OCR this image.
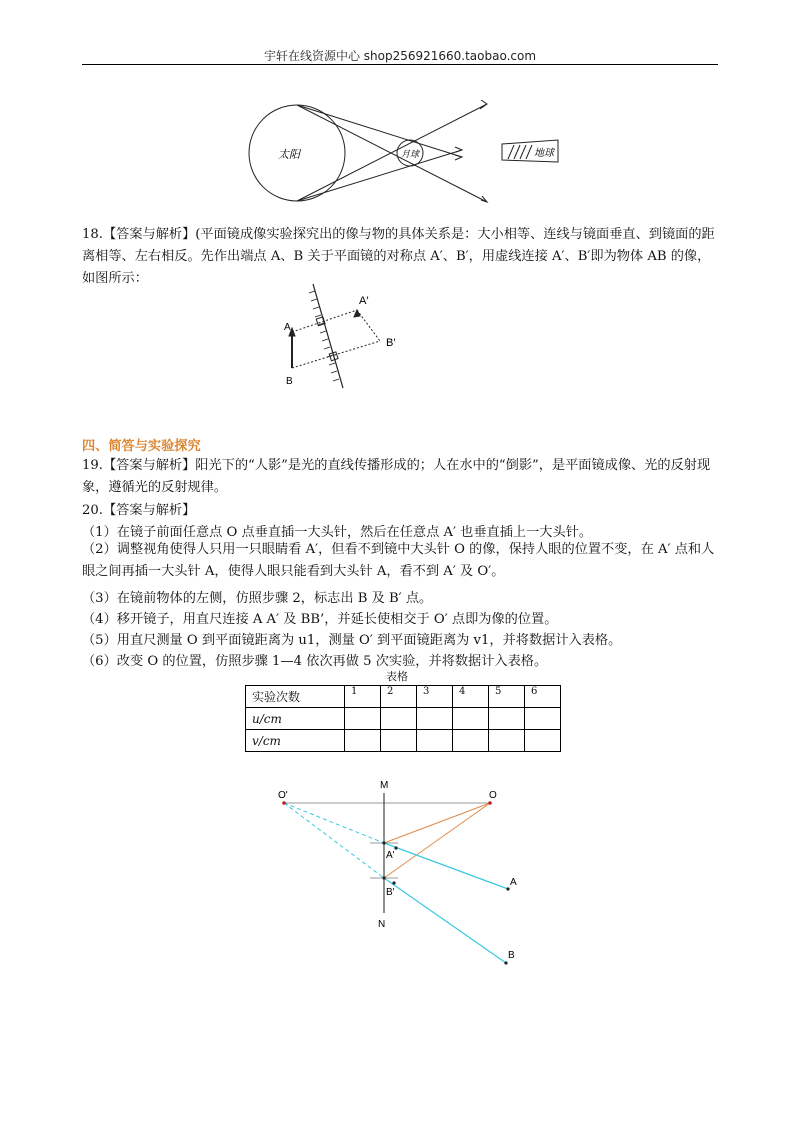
宇轩在线资源中心 shop256921660.taobao.com
太阳	月球	地球

18.【答案与解析】(平面镜成像实验探究出的像与物的具体关系是：大小相等、连线与镜面垂直、到镜面的距离相等、左右相反。先作出端点 A、B 关于平面镜的对称点 A′、B′，用虚线连接 A′、B′即为物体 AB 的像，如图所示：

A
B
A′
B′

四、简答与实验探究

19.【答案与解析】阳光下的“人影”是光的直线传播形成的；人在水中的“倒影”，是平面镜成像、光的反射现象，遵循光的反射规律。

20.【答案与解析】

（1）在镜子前面任意点 O 点垂直插一大头针，然后在任意点 A′ 也垂直插上一大头针。

（2）调整视角使得人只用一只眼睛看 A′，但看不到镜中大头针 O 的像，保持人眼的位置不变，在 A′ 点和人眼之间再插一大头针 A，使得人眼只能看到大头针 A，看不到 A′ 及 O′。

（3）在镜前物体的左侧，仿照步骤 2，标志出 B 及 B′ 点。

（4）移开镜子，用直尺连接 A A′ 及 BB’，并延长使相交于 O′ 点即为像的位置。

（5）用直尺测量 O 到平面镜距离为 u1，测量 O′ 到平面镜距离为 v1，并将数据计入表格。

（6）改变 O 的位置，仿照步骤 1—4 依次再做 5 次实验，并将数据计入表格。

表格
实验次数	1	2	3	4	5	6
u/cm						
v/cm						
O'	O
M
N
A'
B'
A
B
